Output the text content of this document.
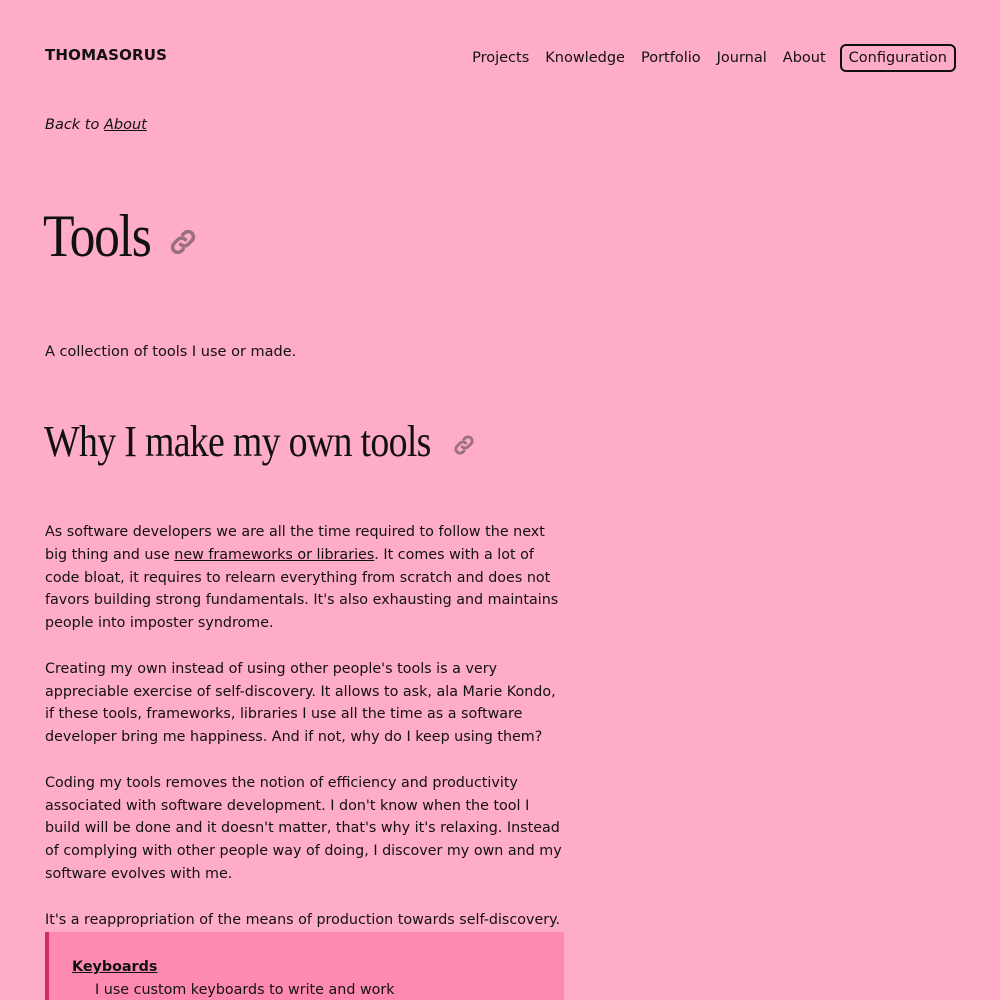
THOMASORUS	Projects Knowledge Portfolio Journal About	Configuration
Back to About
Tools

A collection of tools I use or made.

Why I make my own tools

As software developers we are all the time required to follow the next big thing and use new frameworks or libraries. It comes with a lot of code bloat, it requires to relearn everything from scratch and does not favors building strong fundamentals. It's also exhausting and maintains people into imposter syndrome.

Creating my own instead of using other people's tools is a very appreciable exercise of self-discovery. It allows to ask, ala Marie Kondo, if these tools, frameworks, libraries I use all the time as a software developer bring me happiness. And if not, why do I keep using them?

Coding my tools removes the notion of efficiency and productivity associated with software development. I don't know when the tool I build will be done and it doesn't matter, that's why it's relaxing. Instead of complying with other people way of doing, I discover my own and my software evolves with me.

It's a reappropriation of the means of production towards self-discovery.

Keyboards
I use custom keyboards to write and work
